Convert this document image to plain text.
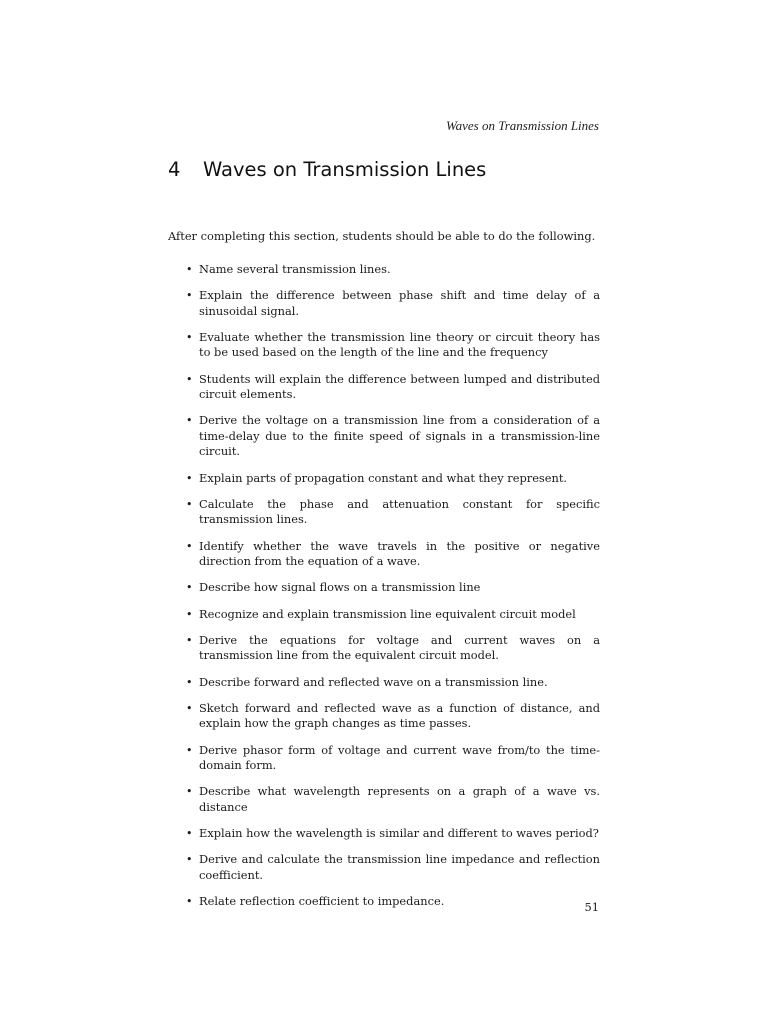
Waves on Transmission Lines
4 Waves on Transmission Lines

After completing this section, students should be able to do the following.

• Name several transmission lines.
• Explain the difference between phase shift and time delay of a sinusoidal signal.
• Evaluate whether the transmission line theory or circuit theory has to be used based on the length of the line and the frequency
• Students will explain the difference between lumped and distributed circuit elements.
• Derive the voltage on a transmission line from a consideration of a time-delay due to the finite speed of signals in a transmission-line circuit.
• Explain parts of propagation constant and what they represent.
• Calculate the phase and attenuation constant for specific transmission lines.
• Identify whether the wave travels in the positive or negative direction from the equation of a wave.
• Describe how signal flows on a transmission line
• Recognize and explain transmission line equivalent circuit model
• Derive the equations for voltage and current waves on a transmission line from the equivalent circuit model.
• Describe forward and reflected wave on a transmission line.
• Sketch forward and reflected wave as a function of distance, and explain how the graph changes as time passes.
• Derive phasor form of voltage and current wave from/to the time-domain form.
• Describe what wavelength represents on a graph of a wave vs. distance
• Explain how the wavelength is similar and different to waves period?
• Derive and calculate the transmission line impedance and reflection coefficient.
• Relate reflection coefficient to impedance.	51
